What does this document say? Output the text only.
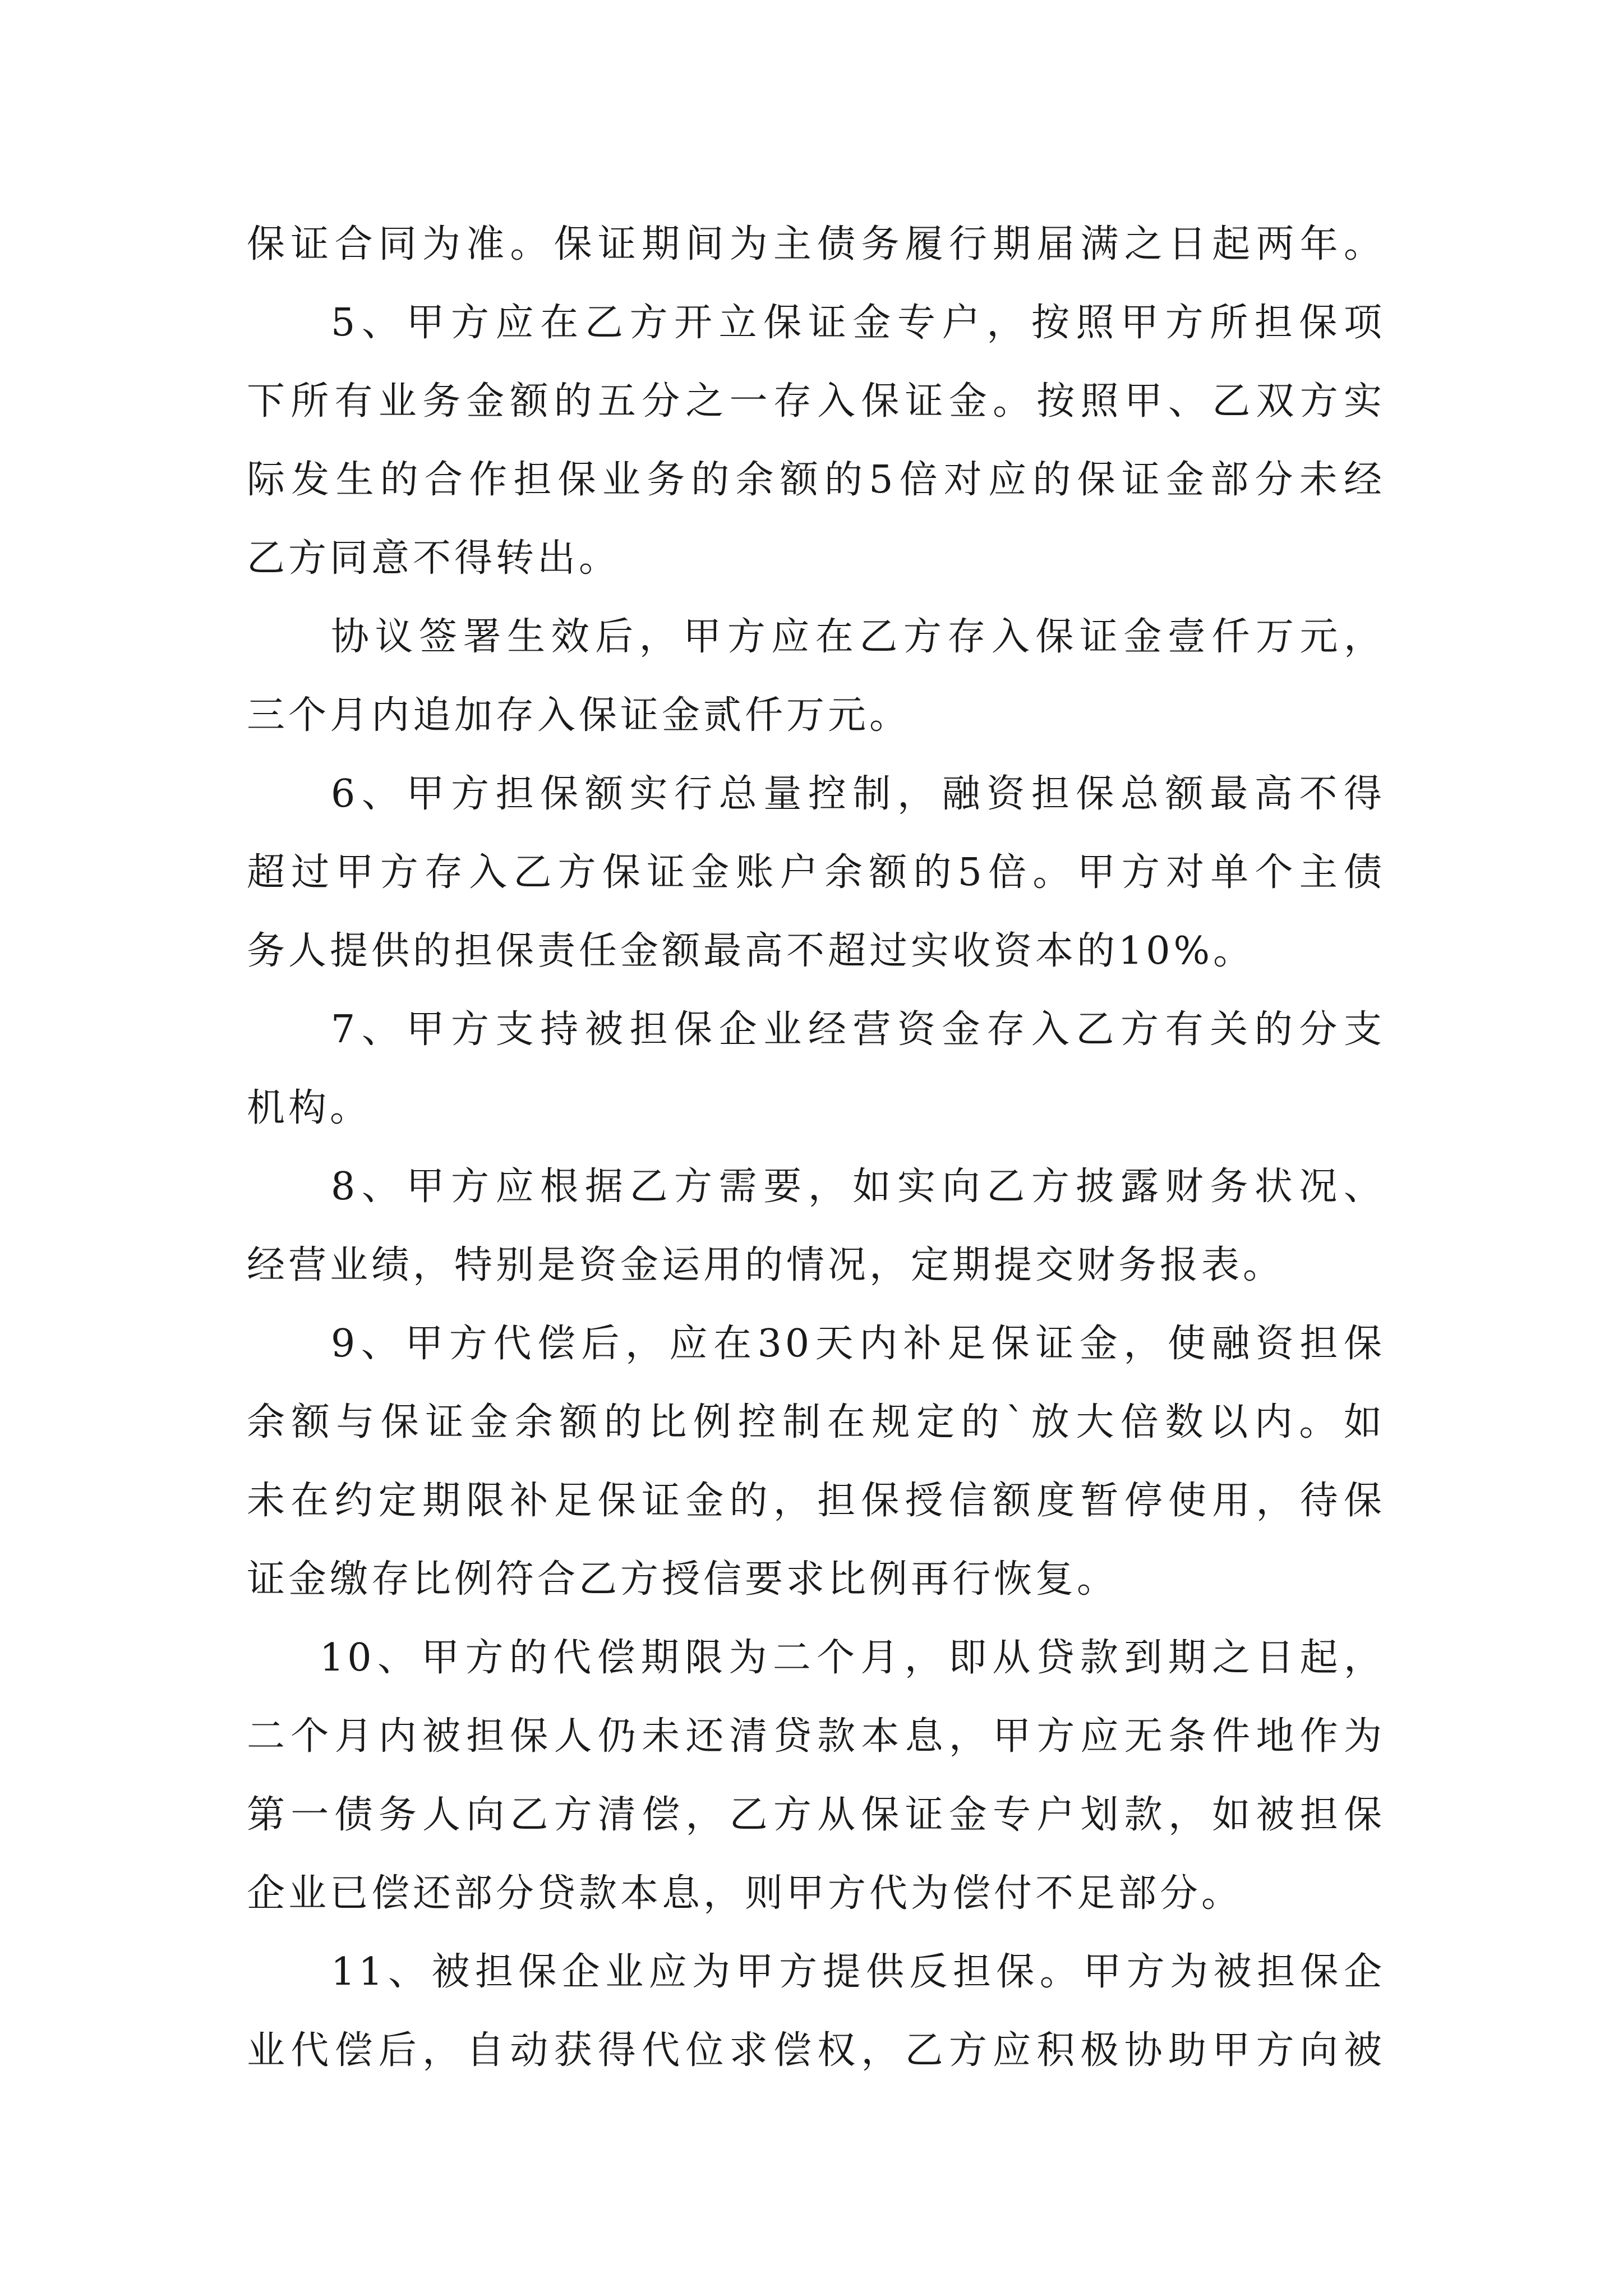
保证合同为准。保证期间为主债务履行期届满之日起两年。
5、甲方应在乙方开立保证金专户，按照甲方所担保项
下所有业务金额的五分之一存入保证金。按照甲、乙双方实
际发生的合作担保业务的余额的5倍对应的保证金部分未经
乙方同意不得转出。
协议签署生效后，甲方应在乙方存入保证金壹仟万元，
三个月内追加存入保证金贰仟万元。
6、甲方担保额实行总量控制，融资担保总额最高不得
超过甲方存入乙方保证金账户余额的5倍。甲方对单个主债
务人提供的担保责任金额最高不超过实收资本的10%。
7、甲方支持被担保企业经营资金存入乙方有关的分支
机构。
8、甲方应根据乙方需要，如实向乙方披露财务状况、
经营业绩，特别是资金运用的情况，定期提交财务报表。
9、甲方代偿后，应在30天内补足保证金，使融资担保
余额与保证金余额的比例控制在规定的`放大倍数以内。如
未在约定期限补足保证金的，担保授信额度暂停使用，待保
证金缴存比例符合乙方授信要求比例再行恢复。
10、甲方的代偿期限为二个月，即从贷款到期之日起，
二个月内被担保人仍未还清贷款本息，甲方应无条件地作为
第一债务人向乙方清偿，乙方从保证金专户划款，如被担保
企业已偿还部分贷款本息，则甲方代为偿付不足部分。
11、被担保企业应为甲方提供反担保。甲方为被担保企
业代偿后，自动获得代位求偿权，乙方应积极协助甲方向被
